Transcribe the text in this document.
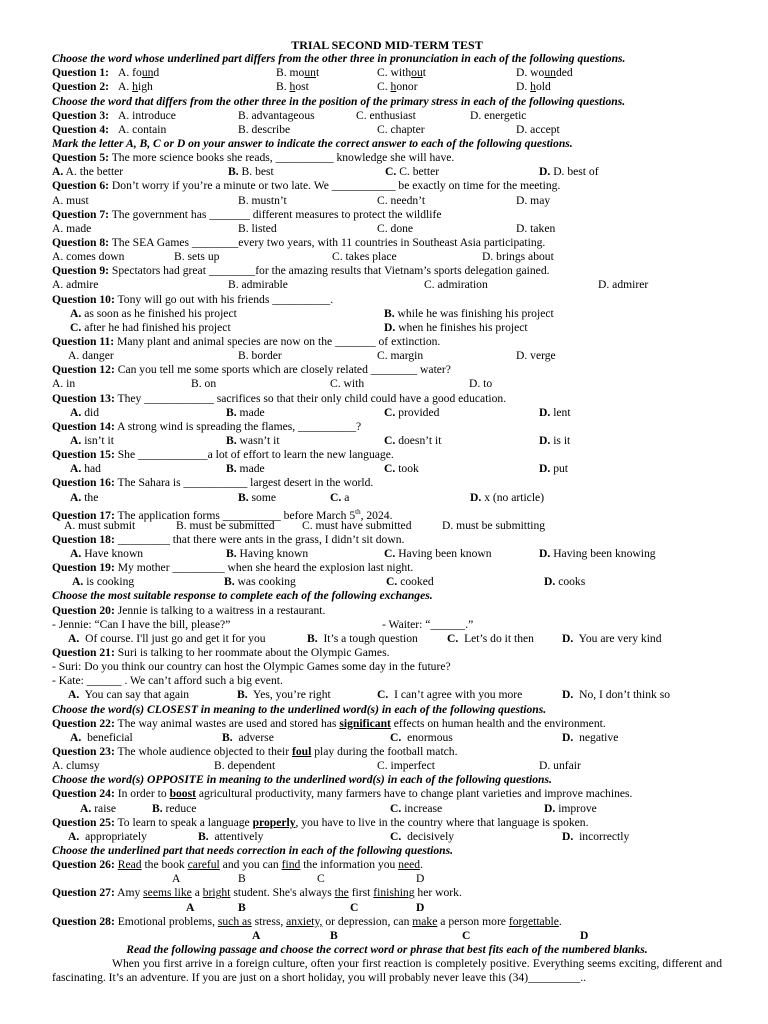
TRIAL SECOND MID-TERM TEST
Choose the word whose underlined part differs from the other three in pronunciation in each of the following questions.
Question 1: A. found	B. mount	C. without	D. wounded
Question 2: A. high	B. host	C. honor	D. hold
Choose the word that differs from the other three in the position of the primary stress in each of the following questions.
Question 3: A. introduce	B. advantageous	C. enthusiast	D. energetic
Question 4: A. contain	B. describe	C. chapter	D. accept
Mark the letter A, B, C or D on your answer to indicate the correct answer to each of the following questions.
Question 5: The more science books she reads, __________ knowledge she will have.
A. A. the better	B. B. best	C. C. better	D. D. best of
Question 6: Don’t worry if you’re a minute or two late. We ___________ be exactly on time for the meeting.
A. must	B. mustn’t	C. needn’t	D. may
Question 7: The government has _______ different measures to protect the wildlife
A. made	B. listed	C. done	D. taken
Question 8: The SEA Games ________every two years, with 11 countries in Southeast Asia participating.
A. comes down	B. sets up	C. takes place	D. brings about
Question 9: Spectators had great ________for the amazing results that Vietnam’s sports delegation gained.
A. admire	B. admirable	C. admiration	D. admirer
Question 10: Tony will go out with his friends __________.
A. as soon as he finished his project	B. while he was finishing his project
C. after he had finished his project	D. when he finishes his project
Question 11: Many plant and animal species are now on the _______ of extinction.
A. danger	B. border	C. margin	D. verge
Question 12: Can you tell me some sports which are closely related ________ water?
A. in	B. on	C. with	D. to
Question 13: They ____________ sacrifices so that their only child could have a good education.
A. did	B. made	C. provided	D. lent
Question 14: A strong wind is spreading the flames, __________?
A. isn’t it	B. wasn’t it	C. doesn’t it	D. is it
Question 15: She ____________a lot of effort to learn the new language.
A. had	B. made	C. took	D. put
Question 16: The Sahara is ___________ largest desert in the world.
A. the	B. some	C. a	D. x (no article)
Question 17: The application forms __________ before March 5th, 2024.
A. must submit	B. must be submitted C. must have submitted	D. must be submitting
Question 18: _________ that there were ants in the grass, I didn’t sit down.
A. Have known	B. Having known	C. Having been known	D. Having been knowing
Question 19: My mother _________ when she heard the explosion last night.
A. is cooking	B. was cooking	C. cooked	D. cooks
Choose the most suitable response to complete each of the following exchanges.
Question 20: Jennie is talking to a waitress in a restaurant.
- Jennie: “Can I have the bill, please?”	- Waiter: “______.”
A. Of course. I'll just go and get it for you	B. It’s a tough question	C. Let’s do it then D. You are very kind
Question 21: Suri is talking to her roommate about the Olympic Games.
- Suri: Do you think our country can host the Olympic Games some day in the future?
- Kate: ______ . We can’t afford such a big event.
A. You can say that again	B. Yes, you’re right	C. I can’t agree with you more	D. No, I don’t think so
Choose the word(s) CLOSEST in meaning to the underlined word(s) in each of the following questions.
Question 22: The way animal wastes are used and stored has significant effects on human health and the environment.
A. beneficial	B. adverse	C. enormous	D. negative
Question 23: The whole audience objected to their foul play during the football match.
A. clumsy	B. dependent	C. imperfect	D. unfair
Choose the word(s) OPPOSITE in meaning to the underlined word(s) in each of the following questions.
Question 24: In order to boost agricultural productivity, many farmers have to change plant varieties and improve machines.
A. raise	B. reduce	C. increase	D. improve
Question 25: To learn to speak a language properly, you have to live in the country where that language is spoken.
A. appropriately	B. attentively	C. decisively	D. incorrectly
Choose the underlined part that needs correction in each of the following questions.
Question 26: Read the book careful and you can find the information you need.
A	B	C	D
Question 27: Amy seems like a bright student. She's always the first finishing her work.
A	B	C	D
Question 28: Emotional problems, such as stress, anxiety, or depression, can make a person more forgettable.
A	B	C	D
Read the following passage and choose the correct word or phrase that best fits each of the numbered blanks.
When you first arrive in a foreign culture, often your first reaction is completely positive. Everything seems exciting, different and fascinating. It’s an adventure. If you are just on a short holiday, you will probably never leave this (34)_________..
